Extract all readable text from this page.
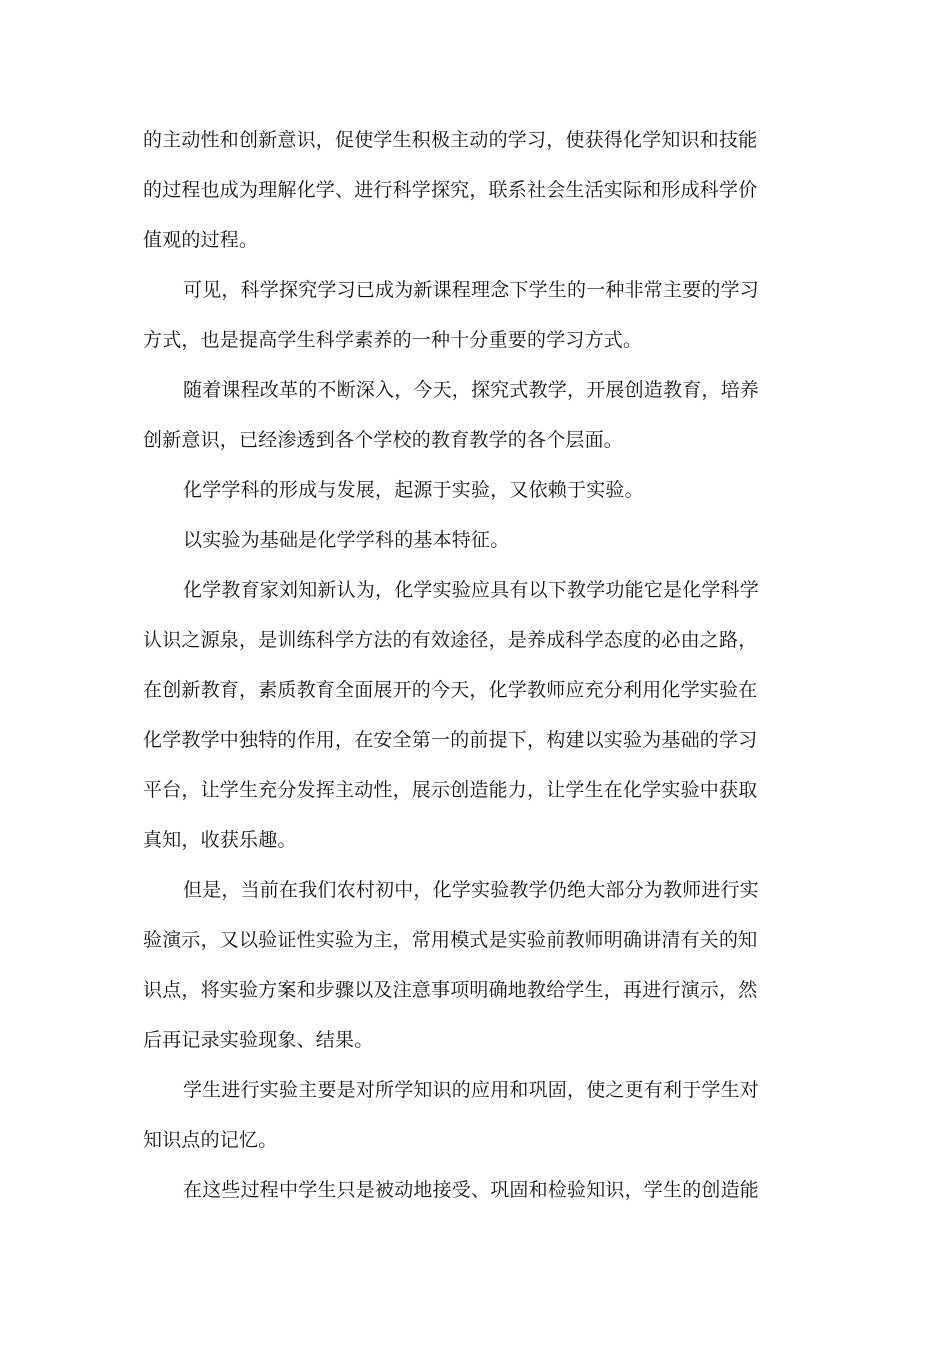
的主动性和创新意识，促使学生积极主动的学习，使获得化学知识和技能
的过程也成为理解化学、进行科学探究，联系社会生活实际和形成科学价
值观的过程。
可见，科学探究学习已成为新课程理念下学生的一种非常主要的学习
方式，也是提高学生科学素养的一种十分重要的学习方式。
随着课程改革的不断深入，今天，探究式教学，开展创造教育，培养
创新意识，已经渗透到各个学校的教育教学的各个层面。
化学学科的形成与发展，起源于实验，又依赖于实验。
以实验为基础是化学学科的基本特征。
化学教育家刘知新认为，化学实验应具有以下教学功能它是化学科学
认识之源泉，是训练科学方法的有效途径，是养成科学态度的必由之路，
在创新教育，素质教育全面展开的今天，化学教师应充分利用化学实验在
化学教学中独特的作用，在安全第一的前提下，构建以实验为基础的学习
平台，让学生充分发挥主动性，展示创造能力，让学生在化学实验中获取
真知，收获乐趣。
但是，当前在我们农村初中，化学实验教学仍绝大部分为教师进行实
验演示，又以验证性实验为主，常用模式是实验前教师明确讲清有关的知
识点，将实验方案和步骤以及注意事项明确地教给学生，再进行演示，然
后再记录实验现象、结果。
学生进行实验主要是对所学知识的应用和巩固，使之更有利于学生对
知识点的记忆。
在这些过程中学生只是被动地接受、巩固和检验知识，学生的创造能
